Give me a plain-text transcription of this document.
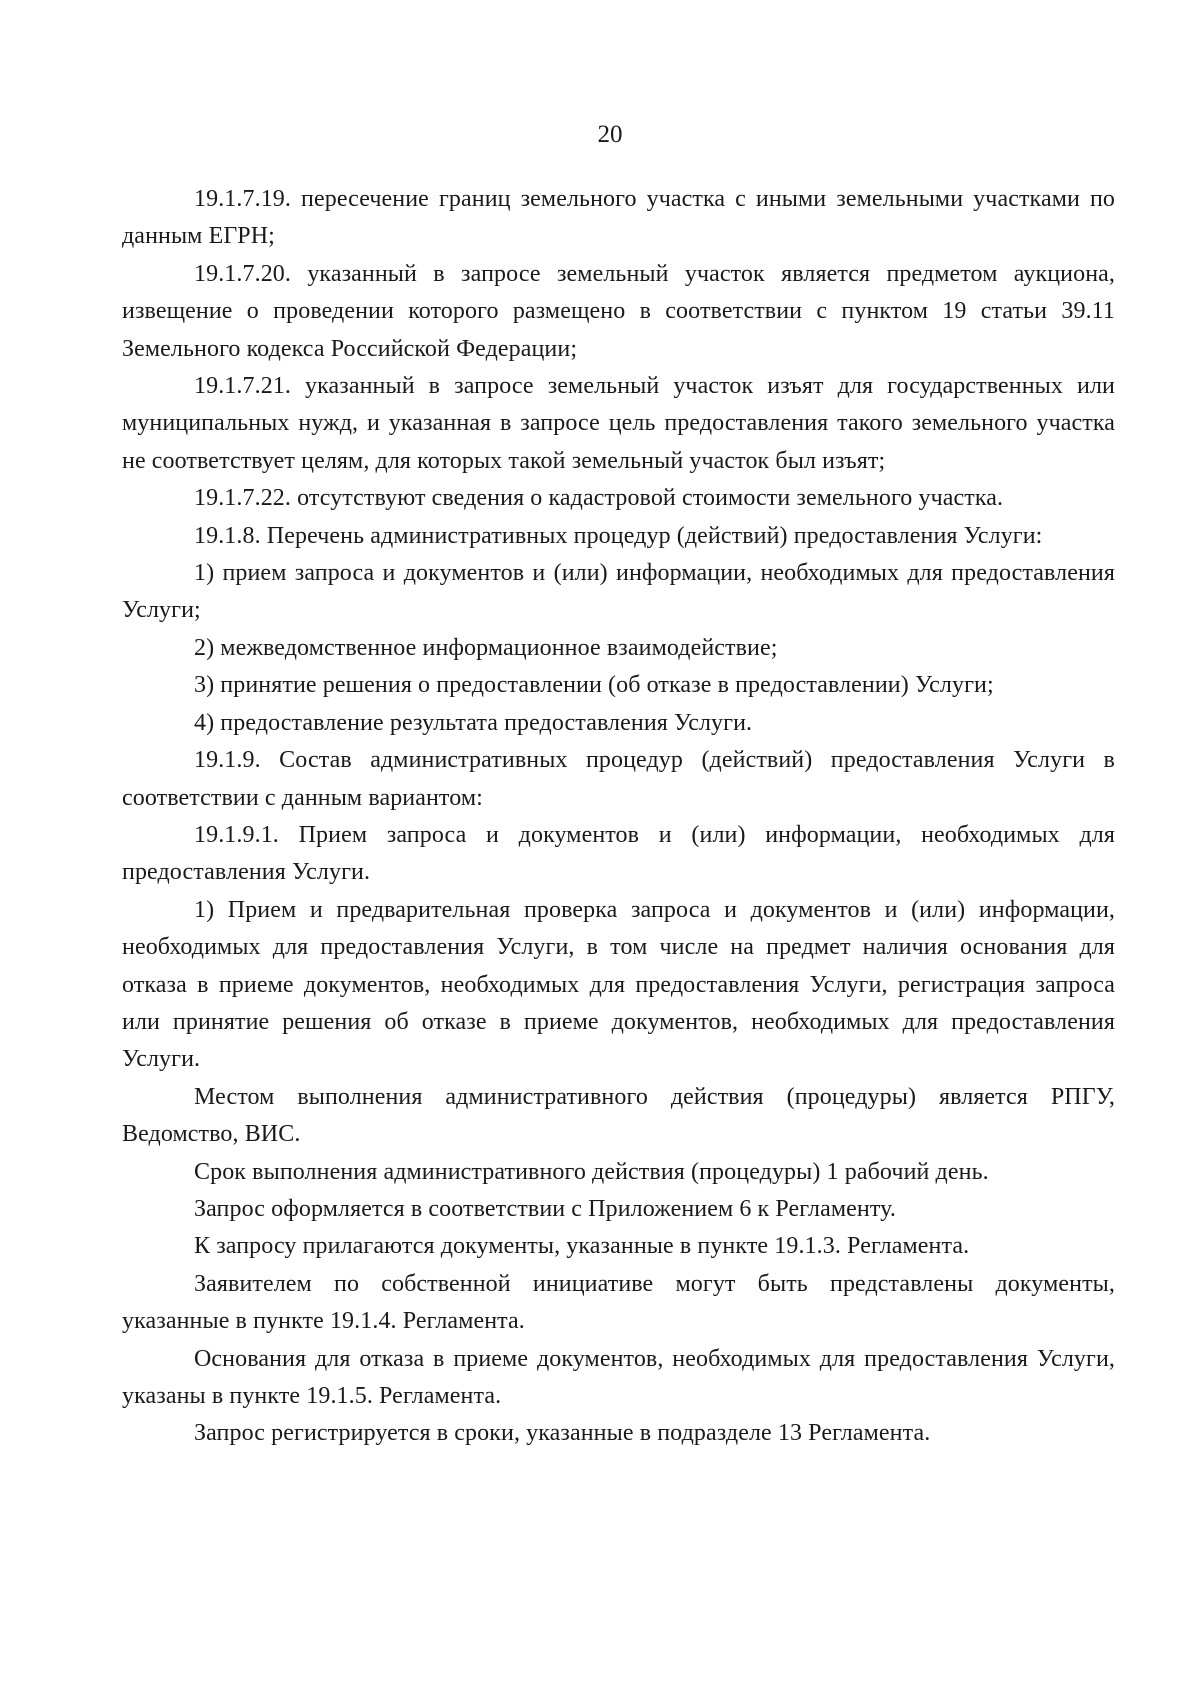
20

19.1.7.19. пересечение границ земельного участка с иными земельными участками по данным ЕГРН;

19.1.7.20. указанный в запросе земельный участок является предметом аукциона, извещение о проведении которого размещено в соответствии с пунктом 19 статьи 39.11 Земельного кодекса Российской Федерации;

19.1.7.21. указанный в запросе земельный участок изъят для государственных или муниципальных нужд, и указанная в запросе цель предоставления такого земельного участка не соответствует целям, для которых такой земельный участок был изъят;

19.1.7.22. отсутствуют сведения о кадастровой стоимости земельного участка.

19.1.8. Перечень административных процедур (действий) предоставления Услуги:

1) прием запроса и документов и (или) информации, необходимых для предоставления Услуги;

2) межведомственное информационное взаимодействие;

3) принятие решения о предоставлении (об отказе в предоставлении) Услуги;

4) предоставление результата предоставления Услуги.

19.1.9. Состав административных процедур (действий) предоставления Услуги в соответствии с данным вариантом:

19.1.9.1. Прием запроса и документов и (или) информации, необходимых для предоставления Услуги.

1) Прием и предварительная проверка запроса и документов и (или) информации, необходимых для предоставления Услуги, в том числе на предмет наличия основания для отказа в приеме документов, необходимых для предоставления Услуги, регистрация запроса или принятие решения об отказе в приеме документов, необходимых для предоставления Услуги.

Местом выполнения административного действия (процедуры) является РПГУ, Ведомство, ВИС.

Срок выполнения административного действия (процедуры) 1 рабочий день.

Запрос оформляется в соответствии с Приложением 6 к Регламенту.

К запросу прилагаются документы, указанные в пункте 19.1.3. Регламента.

Заявителем по собственной инициативе могут быть представлены документы, указанные в пункте 19.1.4. Регламента.

Основания для отказа в приеме документов, необходимых для предоставления Услуги, указаны в пункте 19.1.5. Регламента.

Запрос регистрируется в сроки, указанные в подразделе 13 Регламента.
